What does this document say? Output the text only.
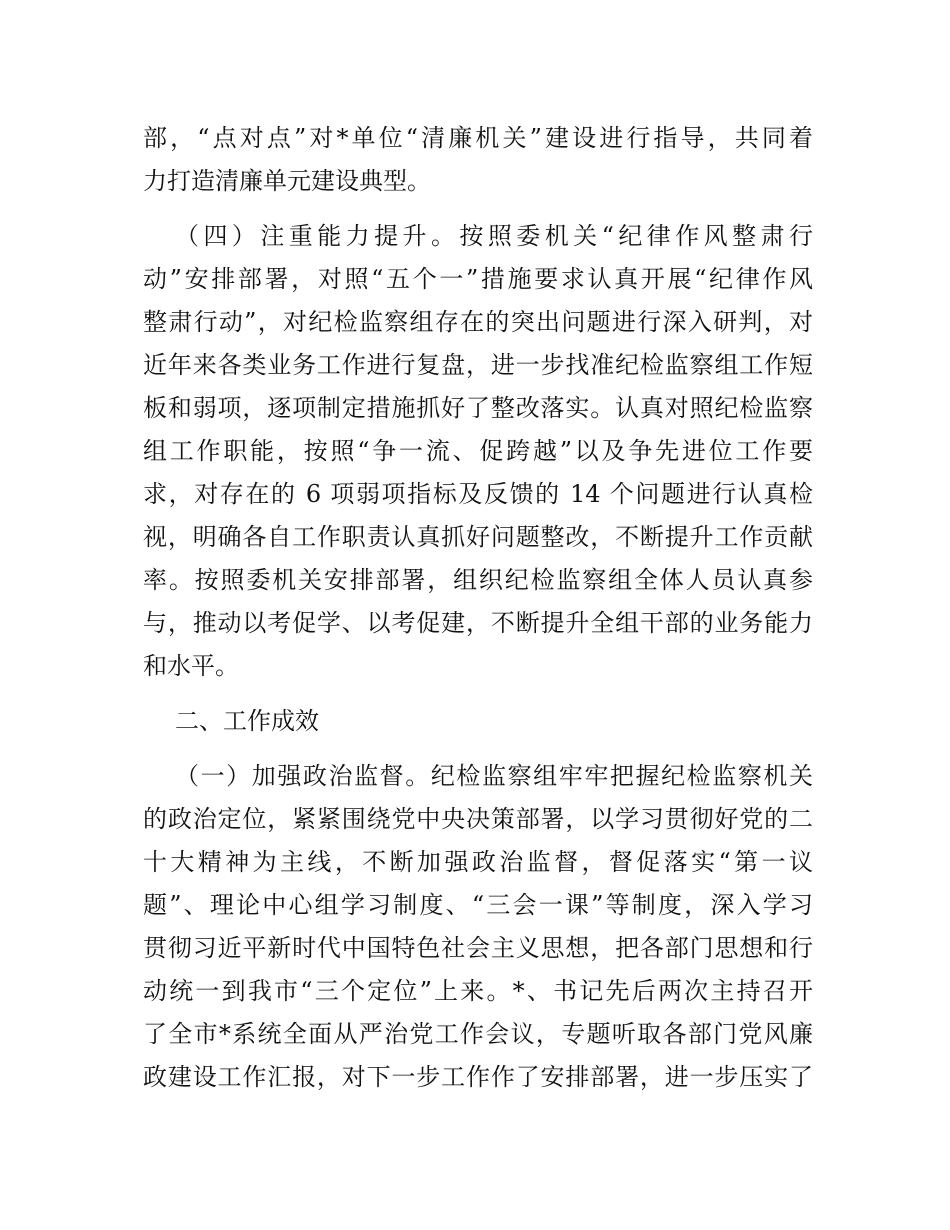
部，“点对点”对*单位“清廉机关”建设进行指导，共同着
力打造清廉单元建设典型。
（四）注重能力提升。按照委机关“纪律作风整肃行
动”安排部署，对照“五个一”措施要求认真开展“纪律作风
整肃行动”，对纪检监察组存在的突出问题进行深入研判，对
近年来各类业务工作进行复盘，进一步找准纪检监察组工作短
板和弱项，逐项制定措施抓好了整改落实。认真对照纪检监察
组工作职能，按照“争一流、促跨越”以及争先进位工作要
求，对存在的 6 项弱项指标及反馈的 14 个问题进行认真检
视，明确各自工作职责认真抓好问题整改，不断提升工作贡献
率。按照委机关安排部署，组织纪检监察组全体人员认真参
与，推动以考促学、以考促建，不断提升全组干部的业务能力
和水平。
二、工作成效
（一）加强政治监督。纪检监察组牢牢把握纪检监察机关
的政治定位，紧紧围绕党中央决策部署，以学习贯彻好党的二
十大精神为主线，不断加强政治监督，督促落实“第一议
题”、理论中心组学习制度、“三会一课”等制度，深入学习
贯彻习近平新时代中国特色社会主义思想，把各部门思想和行
动统一到我市“三个定位”上来。*、书记先后两次主持召开
了全市*系统全面从严治党工作会议，专题听取各部门党风廉
政建设工作汇报，对下一步工作作了安排部署，进一步压实了
